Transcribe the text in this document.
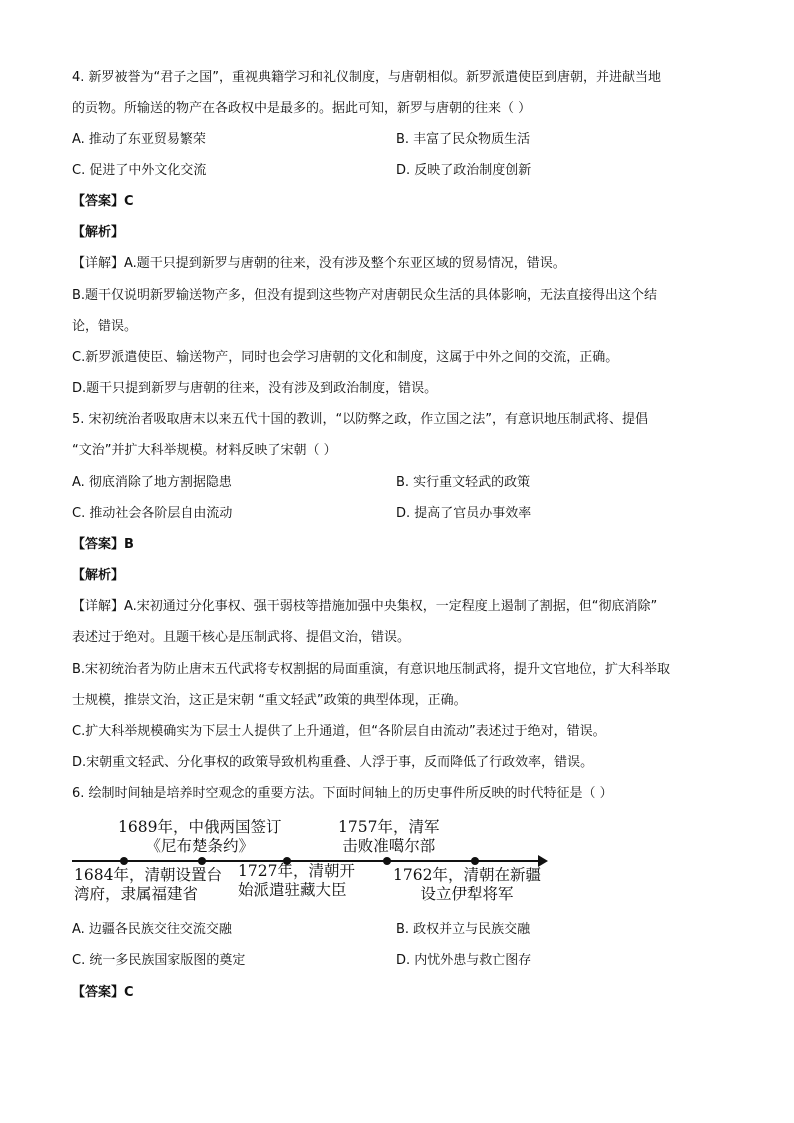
4. 新罗被誉为“君子之国”，重视典籍学习和礼仪制度，与唐朝相似。新罗派遣使臣到唐朝，并进献当地
的贡物。所输送的物产在各政权中是最多的。据此可知，新罗与唐朝的往来（ ）
A. 推动了东亚贸易繁荣	B. 丰富了民众物质生活
C. 促进了中外文化交流	D. 反映了政治制度创新
【答案】C
【解析】
【详解】A.题干只提到新罗与唐朝的往来，没有涉及整个东亚区域的贸易情况，错误。
B.题干仅说明新罗输送物产多，但没有提到这些物产对唐朝民众生活的具体影响，无法直接得出这个结
论，错误。
C.新罗派遣使臣、输送物产，同时也会学习唐朝的文化和制度，这属于中外之间的交流，正确。
D.题干只提到新罗与唐朝的往来，没有涉及到政治制度，错误。
5. 宋初统治者吸取唐末以来五代十国的教训，“以防弊之政，作立国之法”，有意识地压制武将、提倡
“文治”并扩大科举规模。材料反映了宋朝（ ）
A. 彻底消除了地方割据隐患	B. 实行重文轻武的政策
C. 推动社会各阶层自由流动	D. 提高了官员办事效率
【答案】B
【解析】
【详解】A.宋初通过分化事权、强干弱枝等措施加强中央集权，一定程度上遏制了割据，但“彻底消除”
表述过于绝对。且题干核心是压制武将、提倡文治，错误。
B.宋初统治者为防止唐末五代武将专权割据的局面重演，有意识地压制武将，提升文官地位，扩大科举取
士规模，推崇文治，这正是宋朝 “重文轻武”政策的典型体现，正确。
C.扩大科举规模确实为下层士人提供了上升通道，但“各阶层自由流动”表述过于绝对，错误。
D.宋朝重文轻武、分化事权的政策导致机构重叠、人浮于事，反而降低了行政效率，错误。
6. 绘制时间轴是培养时空观念的重要方法。下面时间轴上的历史事件所反映的时代特征是（ ）
1689年，中俄两国签订
《尼布楚条约》
1757年，清军
击败准噶尔部
1684年，清朝设置台
湾府，隶属福建省
1727年，清朝开
始派遣驻藏大臣
1762年，清朝在新疆
设立伊犁将军
A. 边疆各民族交往交流交融	B. 政权并立与民族交融
C. 统一多民族国家版图的奠定	D. 内忧外患与救亡图存
【答案】C
